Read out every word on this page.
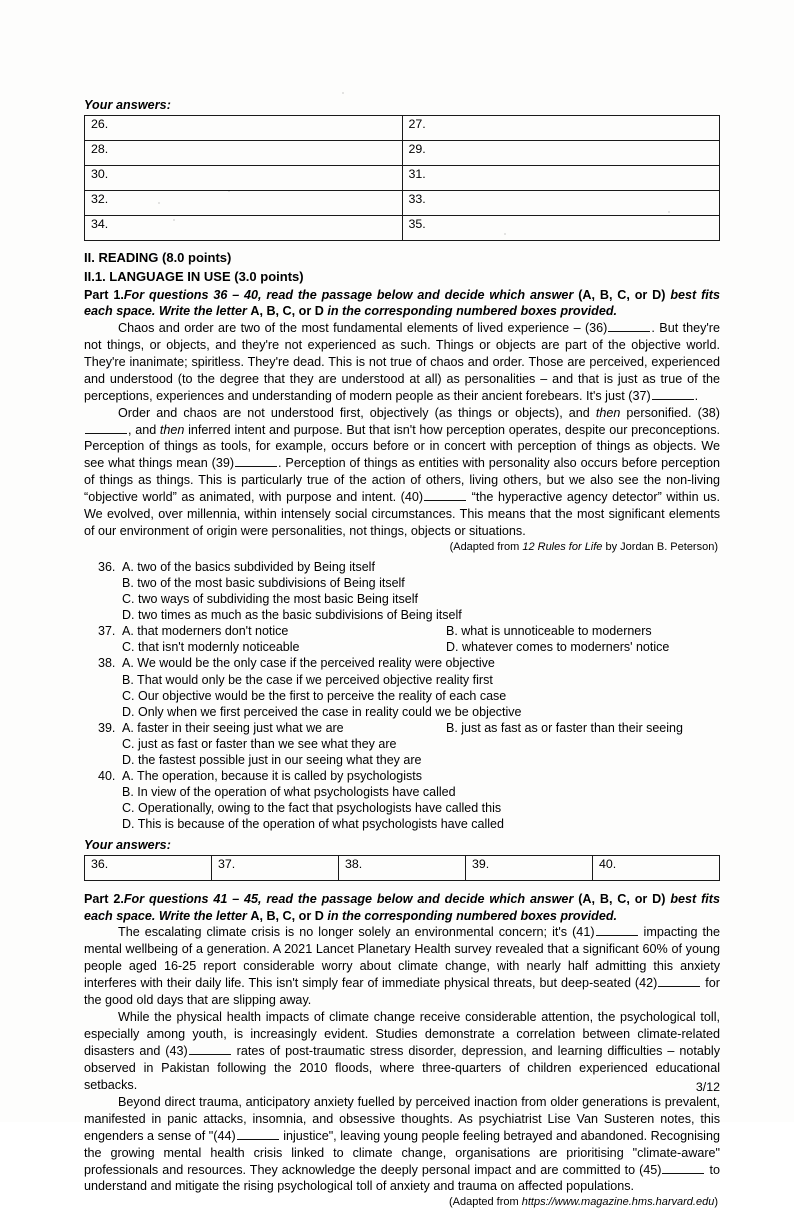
Your answers:
26.	27.
28.	29.
30.	31.
32.	33.
34.	35.
II. READING (8.0 points)
II.1. LANGUAGE IN USE (3.0 points)

Part 1.For questions 36 – 40, read the passage below and decide which answer (A, B, C, or D) best fits each space. Write the letter A, B, C, or D in the corresponding numbered boxes provided.

Chaos and order are two of the most fundamental elements of lived experience – (36)	. But they're not things, or objects, and they're not experienced as such. Things or objects are part of the objective world. They're inanimate; spiritless. They're dead. This is not true of chaos and order. Those are perceived, experienced and understood (to the degree that they are understood at all) as personalities – and that is just as true of the perceptions, experiences and understanding of modern people as their ancient forebears. It's just (37)	.

Order and chaos are not understood first, objectively (as things or objects), and then personified. (38), and then inferred intent and purpose. But that isn't how perception operates, despite our preconceptions. Perception of things as tools, for example, occurs before or in concert with perception of things as objects. We see what things mean (39)	. Perception of things as entities with personality also occurs before perception of things as things. This is particularly true of the action of others, living others, but we also see the non-living “objective world” as animated, with purpose and intent. (40)	“the hyperactive agency detector” within us. We evolved, over millennia, within intensely social circumstances. This means that the most significant elements of our environment of origin were personalities, not things, objects or situations.

(Adapted from 12 Rules for Life by Jordan B. Peterson)

36. A. two of the basics subdivided by Being itself
B. two of the most basic subdivisions of Being itself
C. two ways of subdividing the most basic Being itself
D. two times as much as the basic subdivisions of Being itself
37. A. that moderners don't notice	B. what is unnoticeable to moderners
C. that isn't modernly noticeable	D. whatever comes to moderners' notice
38. A. We would be the only case if the perceived reality were objective
B. That would only be the case if we perceived objective reality first
C. Our objective would be the first to perceive the reality of each case
D. Only when we first perceived the case in reality could we be objective
39. A. faster in their seeing just what we are	B. just as fast as or faster than their seeing
C. just as fast or faster than we see what they are
D. the fastest possible just in our seeing what they are
40. A. The operation, because it is called by psychologists
B. In view of the operation of what psychologists have called
C. Operationally, owing to the fact that psychologists have called this
D. This is because of the operation of what psychologists have called
Your answers:
36.	37.	38.	39.	40.

Part 2.For questions 41 – 45, read the passage below and decide which answer (A, B, C, or D) best fits each space. Write the letter A, B, C, or D in the corresponding numbered boxes provided.

The escalating climate crisis is no longer solely an environmental concern; it's (41)	impacting the mental wellbeing of a generation. A 2021 Lancet Planetary Health survey revealed that a significant 60% of young people aged 16-25 report considerable worry about climate change, with nearly half admitting this anxiety interferes with their daily life. This isn't simply fear of immediate physical threats, but deep-seated (42)	for the good old days that are slipping away.

While the physical health impacts of climate change receive considerable attention, the psychological toll, especially among youth, is increasingly evident. Studies demonstrate a correlation between climate-related disasters and (43)	rates of post-traumatic stress disorder, depression, and learning difficulties – notably observed in Pakistan following the 2010 floods, where three-quarters of children experienced educational setbacks.

Beyond direct trauma, anticipatory anxiety fuelled by perceived inaction from older generations is prevalent, manifested in panic attacks, insomnia, and obsessive thoughts. As psychiatrist Lise Van Susteren notes, this engenders a sense of "(44)	injustice", leaving young people feeling betrayed and abandoned. Recognising the growing mental health crisis linked to climate change, organisations are prioritising "climate-aware" professionals and resources. They acknowledge the deeply personal impact and are committed to (45)	to understand and mitigate the rising psychological toll of anxiety and trauma on affected populations.

(Adapted from https://www.magazine.hms.harvard.edu)

3/12
